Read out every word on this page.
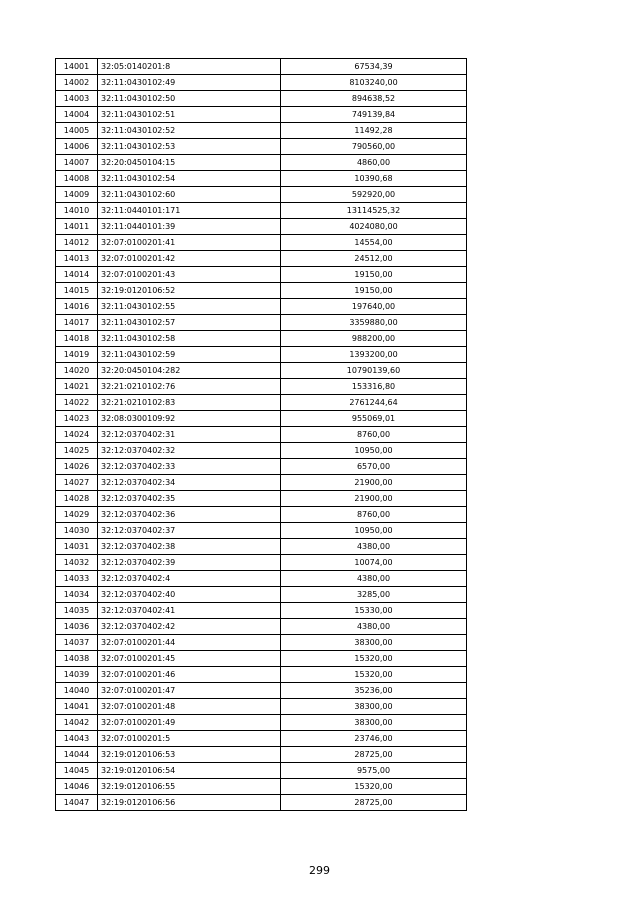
14001	32:05:0140201:8	67534,39
14002	32:11:0430102:49	8103240,00
14003	32:11:0430102:50	894638,52
14004	32:11:0430102:51	749139,84
14005	32:11:0430102:52	11492,28
14006	32:11:0430102:53	790560,00
14007	32:20:0450104:15	4860,00
14008	32:11:0430102:54	10390,68
14009	32:11:0430102:60	592920,00
14010	32:11:0440101:171	13114525,32
14011	32:11:0440101:39	4024080,00
14012	32:07:0100201:41	14554,00
14013	32:07:0100201:42	24512,00
14014	32:07:0100201:43	19150,00
14015	32:19:0120106:52	19150,00
14016	32:11:0430102:55	197640,00
14017	32:11:0430102:57	3359880,00
14018	32:11:0430102:58	988200,00
14019	32:11:0430102:59	1393200,00
14020	32:20:0450104:282	10790139,60
14021	32:21:0210102:76	153316,80
14022	32:21:0210102:83	2761244,64
14023	32:08:0300109:92	955069,01
14024	32:12:0370402:31	8760,00
14025	32:12:0370402:32	10950,00
14026	32:12:0370402:33	6570,00
14027	32:12:0370402:34	21900,00
14028	32:12:0370402:35	21900,00
14029	32:12:0370402:36	8760,00
14030	32:12:0370402:37	10950,00
14031	32:12:0370402:38	4380,00
14032	32:12:0370402:39	10074,00
14033	32:12:0370402:4	4380,00
14034	32:12:0370402:40	3285,00
14035	32:12:0370402:41	15330,00
14036	32:12:0370402:42	4380,00
14037	32:07:0100201:44	38300,00
14038	32:07:0100201:45	15320,00
14039	32:07:0100201:46	15320,00
14040	32:07:0100201:47	35236,00
14041	32:07:0100201:48	38300,00
14042	32:07:0100201:49	38300,00
14043	32:07:0100201:5	23746,00
14044	32:19:0120106:53	28725,00
14045	32:19:0120106:54	9575,00
14046	32:19:0120106:55	15320,00
14047	32:19:0120106:56	28725,00
299
